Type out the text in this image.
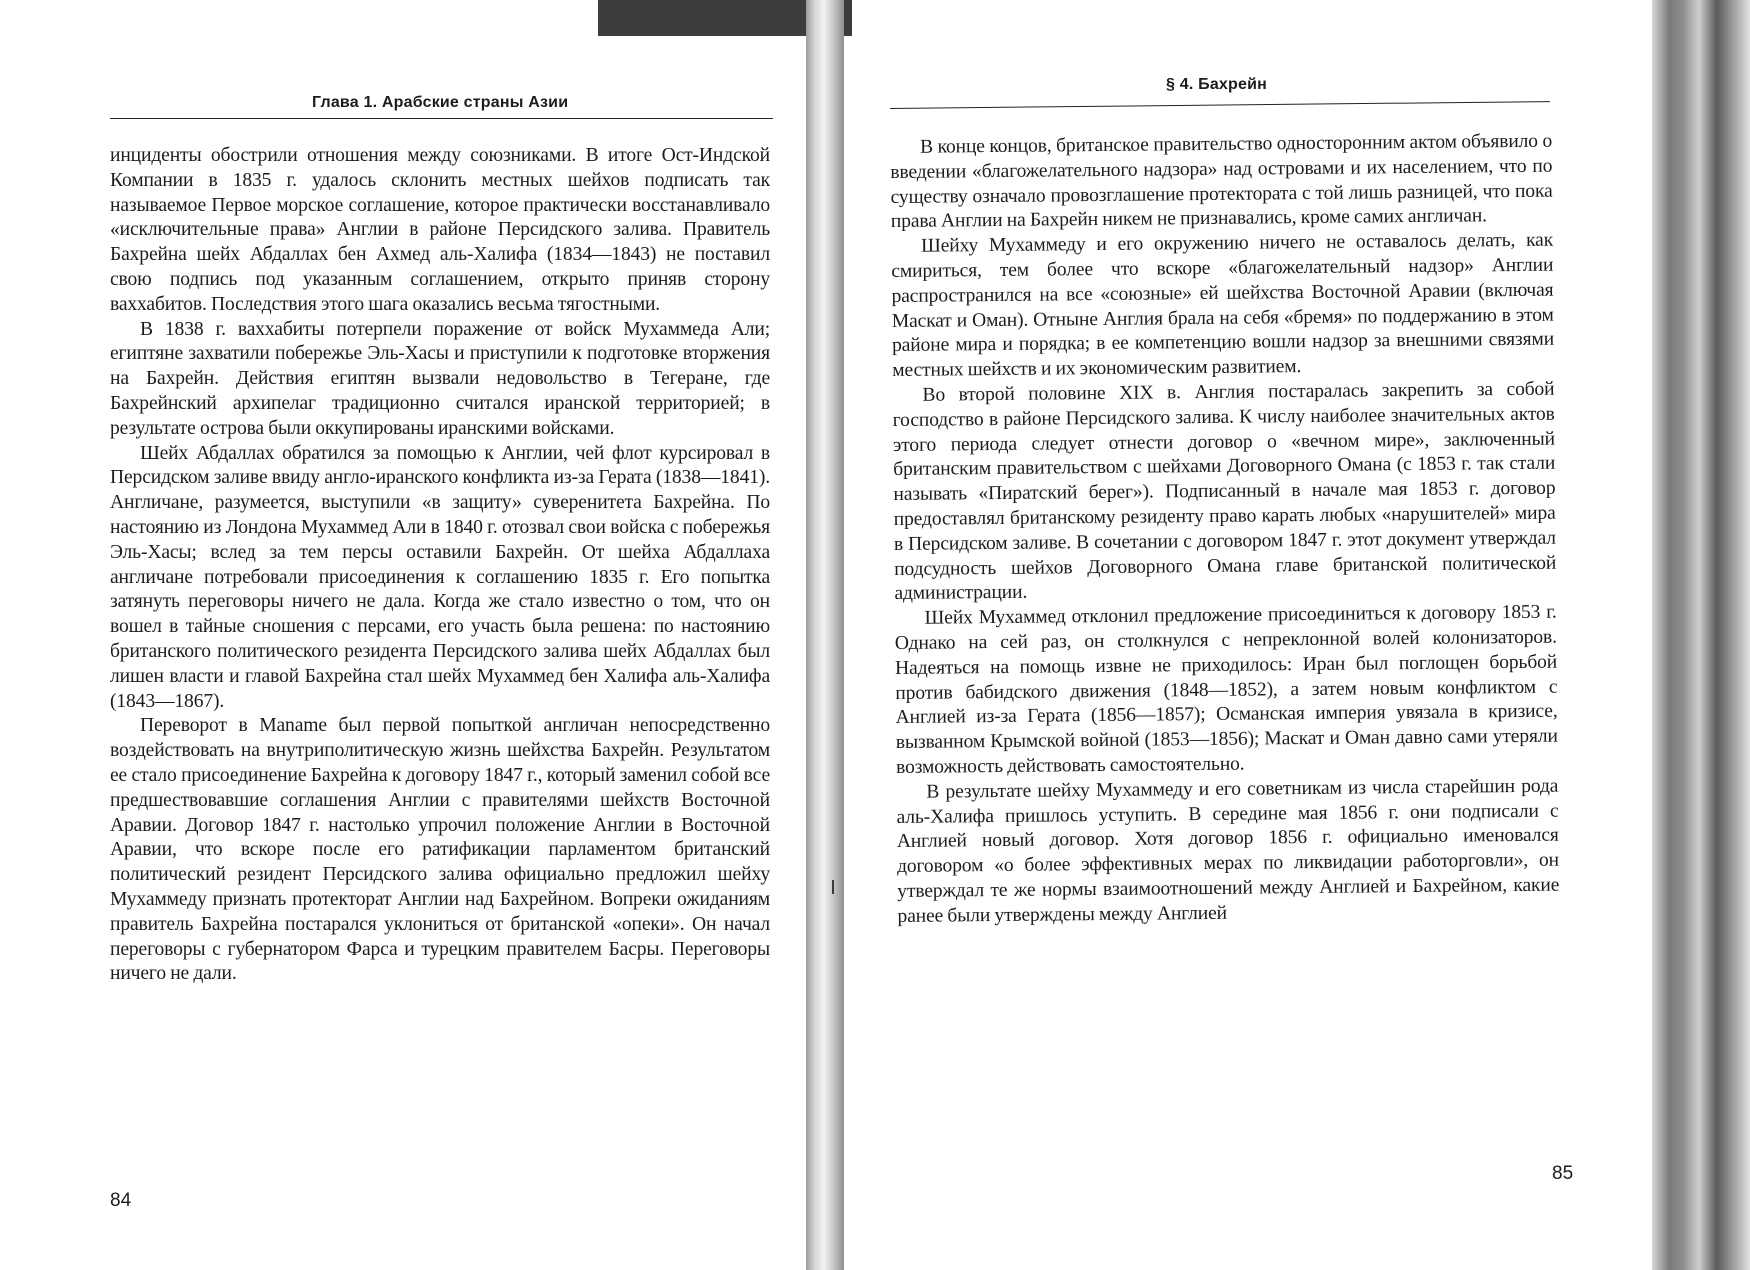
Глава 1. Арабские страны Азии

инциденты обострили отношения между союзниками. В итоге Ост-Индской Компании в 1835 г. удалось склонить местных шейхов подписать так называемое Первое морское соглашение, которое практически восстанавливало «исключительные права» Англии в районе Персидского залива. Правитель Бахрейна шейх Абдаллах бен Ахмед аль-Халифа (1834—1843) не поставил свою подпись под указанным соглашением, открыто приняв сторону ваххабитов. Последствия этого шага оказались весьма тягостными.

В 1838 г. ваххабиты потерпели поражение от войск Мухаммеда Али; египтяне захватили побережье Эль-Хасы и приступили к подготовке вторжения на Бахрейн. Действия египтян вызвали недовольство в Тегеране, где Бахрейнский архипелаг традиционно считался иранской территорией; в результате острова были оккупированы иранскими войсками.

Шейх Абдаллах обратился за помощью к Англии, чей флот курсировал в Персидском заливе ввиду англо-иранского конфликта из-за Герата (1838—1841). Англичане, разумеется, выступили «в защиту» суверенитета Бахрейна. По настоянию из Лондона Мухаммед Али в 1840 г. отозвал свои войска с побережья Эль-Хасы; вслед за тем персы оставили Бахрейн. От шейха Абдаллаха англичане потребовали присоединения к соглашению 1835 г. Его попытка затянуть переговоры ничего не дала. Когда же стало известно о том, что он вошел в тайные сношения с персами, его участь была решена: по настоянию британского политического резидента Персидского залива шейх Абдаллах был лишен власти и главой Бахрейна стал шейх Мухаммед бен Халифа аль-Халифа (1843—1867).

Переворот в Маname был первой попыткой англичан непосредственно воздействовать на внутриполитическую жизнь шейхства Бахрейн. Результатом ее стало присоединение Бахрейна к договору 1847 г., который заменил собой все предшествовавшие соглашения Англии с правителями шейхств Восточной Аравии. Договор 1847 г. настолько упрочил положение Англии в Восточной Аравии, что вскоре после его ратификации парламентом британский политический резидент Персидского залива официально предложил шейху Мухаммеду признать протекторат Англии над Бахрейном. Вопреки ожиданиям правитель Бахрейна постарался уклониться от британской «опеки». Он начал переговоры с губернатором Фарса и турецким правителем Басры. Переговоры ничего не дали.

84
§ 4. Бахрейн

В конце концов, британское правительство односторонним актом объявило о введении «благожелательного надзора» над островами и их населением, что по существу означало провозглашение протектората с той лишь разницей, что пока права Англии на Бахрейн никем не признавались, кроме самих англичан.

Шейху Мухаммеду и его окружению ничего не оставалось делать, как смириться, тем более что вскоре «благожелательный надзор» Англии распространился на все «союзные» ей шейхства Восточной Аравии (включая Маскат и Оман). Отныне Англия брала на себя «бремя» по поддержанию в этом районе мира и порядка; в ее компетенцию вошли надзор за внешними связями местных шейхств и их экономическим развитием.

Во второй половине XIX в. Англия постаралась закрепить за собой господство в районе Персидского залива. К числу наиболее значительных актов этого периода следует отнести договор о «вечном мире», заключенный британским правительством с шейхами Договорного Омана (с 1853 г. так стали называть «Пиратский берег»). Подписанный в начале мая 1853 г. договор предоставлял британскому резиденту право карать любых «нарушителей» мира в Персидском заливе. В сочетании с договором 1847 г. этот документ утверждал подсудность шейхов Договорного Омана главе британской политической администрации.

Шейх Мухаммед отклонил предложение присоединиться к договору 1853 г. Однако на сей раз, он столкнулся с непреклонной волей колонизаторов. Надеяться на помощь извне не приходилось: Иран был поглощен борьбой против бабидского движения (1848—1852), а затем новым конфликтом с Англией из-за Герата (1856—1857); Османская империя увязала в кризисе, вызванном Крымской войной (1853—1856); Маскат и Оман давно сами утеряли возможность действовать самостоятельно.

В результате шейху Мухаммеду и его советникам из числа старейшин рода аль-Халифа пришлось уступить. В середине мая 1856 г. они подписали с Англией новый договор. Хотя договор 1856 г. официально именовался договором «о более эффективных мерах по ликвидации работорговли», он утверждал те же нормы взаимоотношений между Англией и Бахрейном, какие ранее были утверждены между Англией

85
